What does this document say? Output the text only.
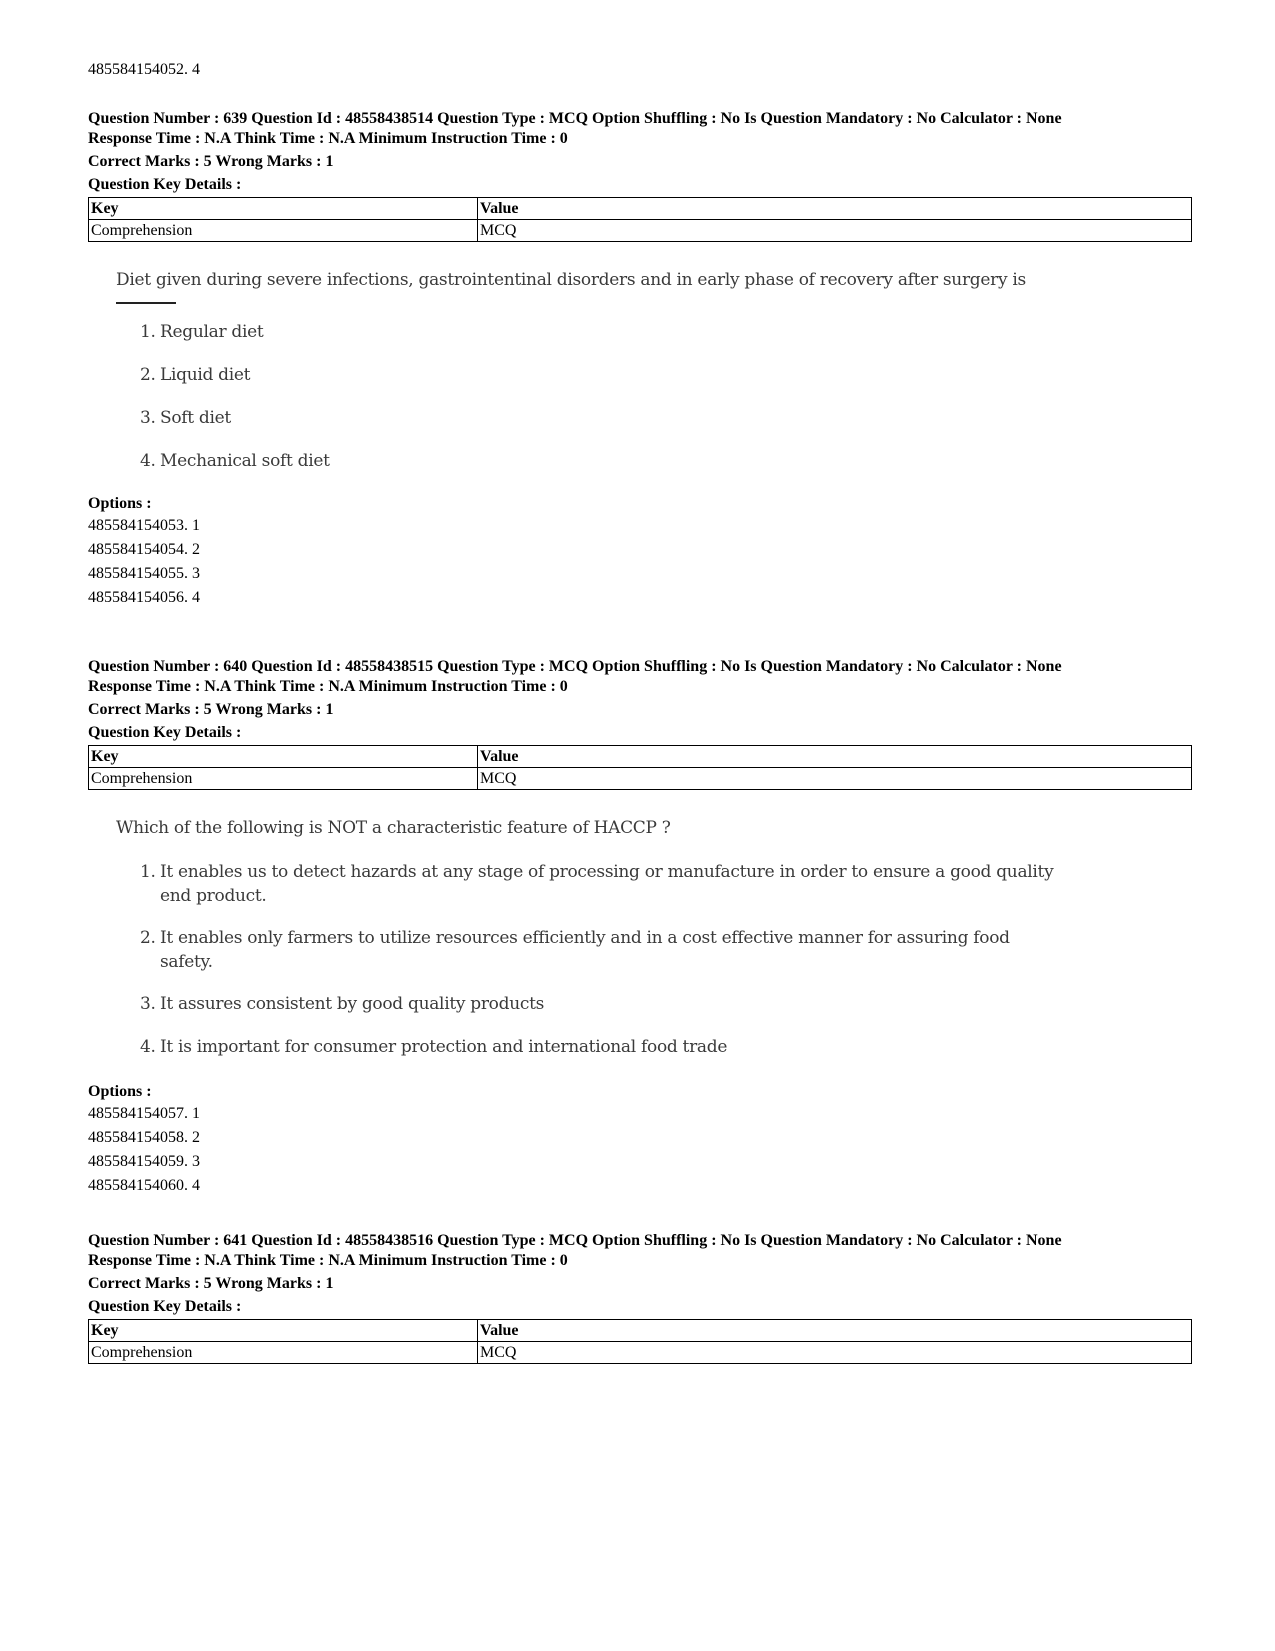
485584154052. 4
Question Number : 639 Question Id : 48558438514 Question Type : MCQ Option Shuffling : No Is Question Mandatory : No Calculator : None
Response Time : N.A Think Time : N.A Minimum Instruction Time : 0
Correct Marks : 5 Wrong Marks : 1
Question Key Details :
Key	Value
Comprehension	MCQ
Diet given during severe infections, gastrointentinal disorders and in early phase of recovery after surgery is
1. Regular diet
2. Liquid diet
3. Soft diet
4. Mechanical soft diet
Options :
485584154053. 1
485584154054. 2
485584154055. 3
485584154056. 4
Question Number : 640 Question Id : 48558438515 Question Type : MCQ Option Shuffling : No Is Question Mandatory : No Calculator : None
Response Time : N.A Think Time : N.A Minimum Instruction Time : 0
Correct Marks : 5 Wrong Marks : 1
Question Key Details :
Key	Value
Comprehension	MCQ
Which of the following is NOT a characteristic feature of HACCP ?
1. It enables us to detect hazards at any stage of processing or manufacture in order to ensure a good quality
end product.
2. It enables only farmers to utilize resources efficiently and in a cost effective manner for assuring food
safety.
3. It assures consistent by good quality products
4. It is important for consumer protection and international food trade
Options :
485584154057. 1
485584154058. 2
485584154059. 3
485584154060. 4
Question Number : 641 Question Id : 48558438516 Question Type : MCQ Option Shuffling : No Is Question Mandatory : No Calculator : None
Response Time : N.A Think Time : N.A Minimum Instruction Time : 0
Correct Marks : 5 Wrong Marks : 1
Question Key Details :
Key	Value
Comprehension	MCQ
